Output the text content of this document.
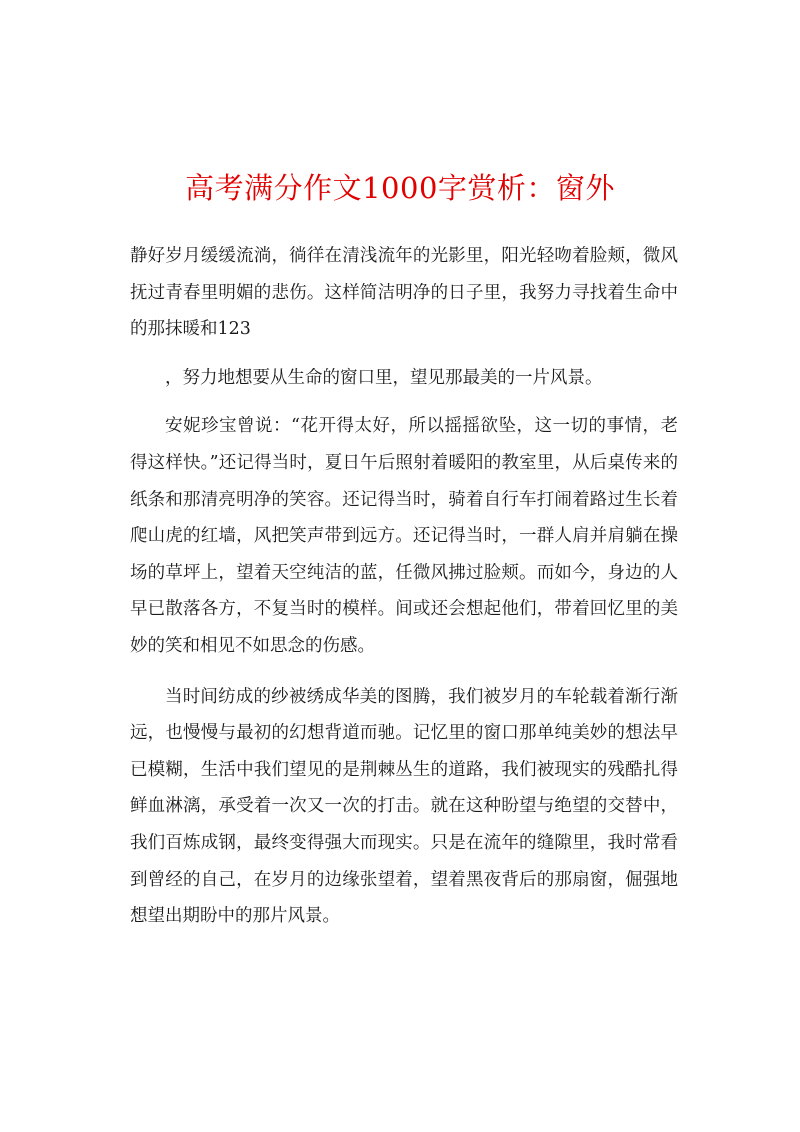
高考满分作文1000字赏析：窗外

静好岁月缓缓流淌，徜徉在清浅流年的光影里，阳光轻吻着脸颊，微风抚过青春里明媚的悲伤。这样简洁明净的日子里，我努力寻找着生命中的那抹暖和123

，努力地想要从生命的窗口里，望见那最美的一片风景。

安妮珍宝曾说：“花开得太好，所以摇摇欲坠，这一切的事情，老得这样快。”还记得当时，夏日午后照射着暖阳的教室里，从后桌传来的纸条和那清亮明净的笑容。还记得当时，骑着自行车打闹着路过生长着爬山虎的红墙，风把笑声带到远方。还记得当时，一群人肩并肩躺在操场的草坪上，望着天空纯洁的蓝，任微风拂过脸颊。而如今，身边的人早已散落各方，不复当时的模样。间或还会想起他们，带着回忆里的美妙的笑和相见不如思念的伤感。

当时间纺成的纱被绣成华美的图腾，我们被岁月的车轮载着渐行渐远，也慢慢与最初的幻想背道而驰。记忆里的窗口那单纯美妙的想法早已模糊，生活中我们望见的是荆棘丛生的道路，我们被现实的残酷扎得鲜血淋漓，承受着一次又一次的打击。就在这种盼望与绝望的交替中，我们百炼成钢，最终变得强大而现实。只是在流年的缝隙里，我时常看到曾经的自己，在岁月的边缘张望着，望着黑夜背后的那扇窗，倔强地想望出期盼中的那片风景。
